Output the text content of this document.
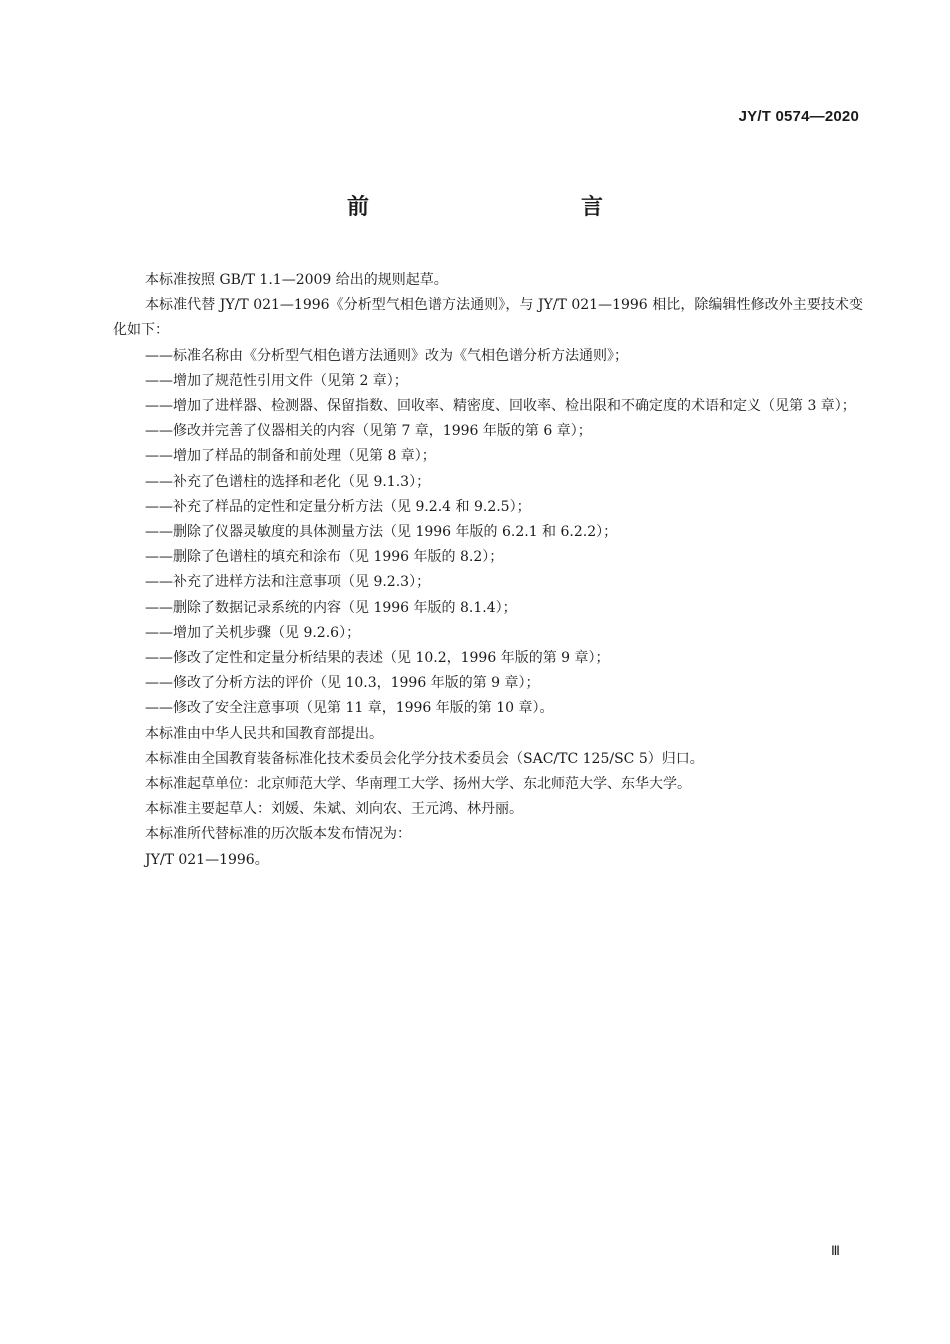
JY/T 0574—2020
前　　言

本标准按照 GB/T 1.1—2009 给出的规则起草。

本标准代替 JY/T 021—1996《分析型气相色谱方法通则》，与 JY/T 021—1996 相比，除编辑性修改外主要技术变化如下：

——标准名称由《分析型气相色谱方法通则》改为《气相色谱分析方法通则》；

——增加了规范性引用文件（见第 2 章）；

——增加了进样器、检测器、保留指数、回收率、精密度、回收率、检出限和不确定度的术语和定义（见第 3 章）；

——修改并完善了仪器相关的内容（见第 7 章，1996 年版的第 6 章）；

——增加了样品的制备和前处理（见第 8 章）；

——补充了色谱柱的选择和老化（见 9.1.3）；

——补充了样品的定性和定量分析方法（见 9.2.4 和 9.2.5）；

——删除了仪器灵敏度的具体测量方法（见 1996 年版的 6.2.1 和 6.2.2）；

——删除了色谱柱的填充和涂布（见 1996 年版的 8.2）；

——补充了进样方法和注意事项（见 9.2.3）；

——删除了数据记录系统的内容（见 1996 年版的 8.1.4）；

——增加了关机步骤（见 9.2.6）；

——修改了定性和定量分析结果的表述（见 10.2，1996 年版的第 9 章）；

——修改了分析方法的评价（见 10.3，1996 年版的第 9 章）；

——修改了安全注意事项（见第 11 章，1996 年版的第 10 章）。

本标准由中华人民共和国教育部提出。

本标准由全国教育装备标准化技术委员会化学分技术委员会（SAC/TC 125/SC 5）归口。

本标准起草单位：北京师范大学、华南理工大学、扬州大学、东北师范大学、东华大学。

本标准主要起草人：刘媛、朱斌、刘向农、王元鸿、林丹丽。

本标准所代替标准的历次版本发布情况为：

JY/T 021—1996。

Ⅲ
